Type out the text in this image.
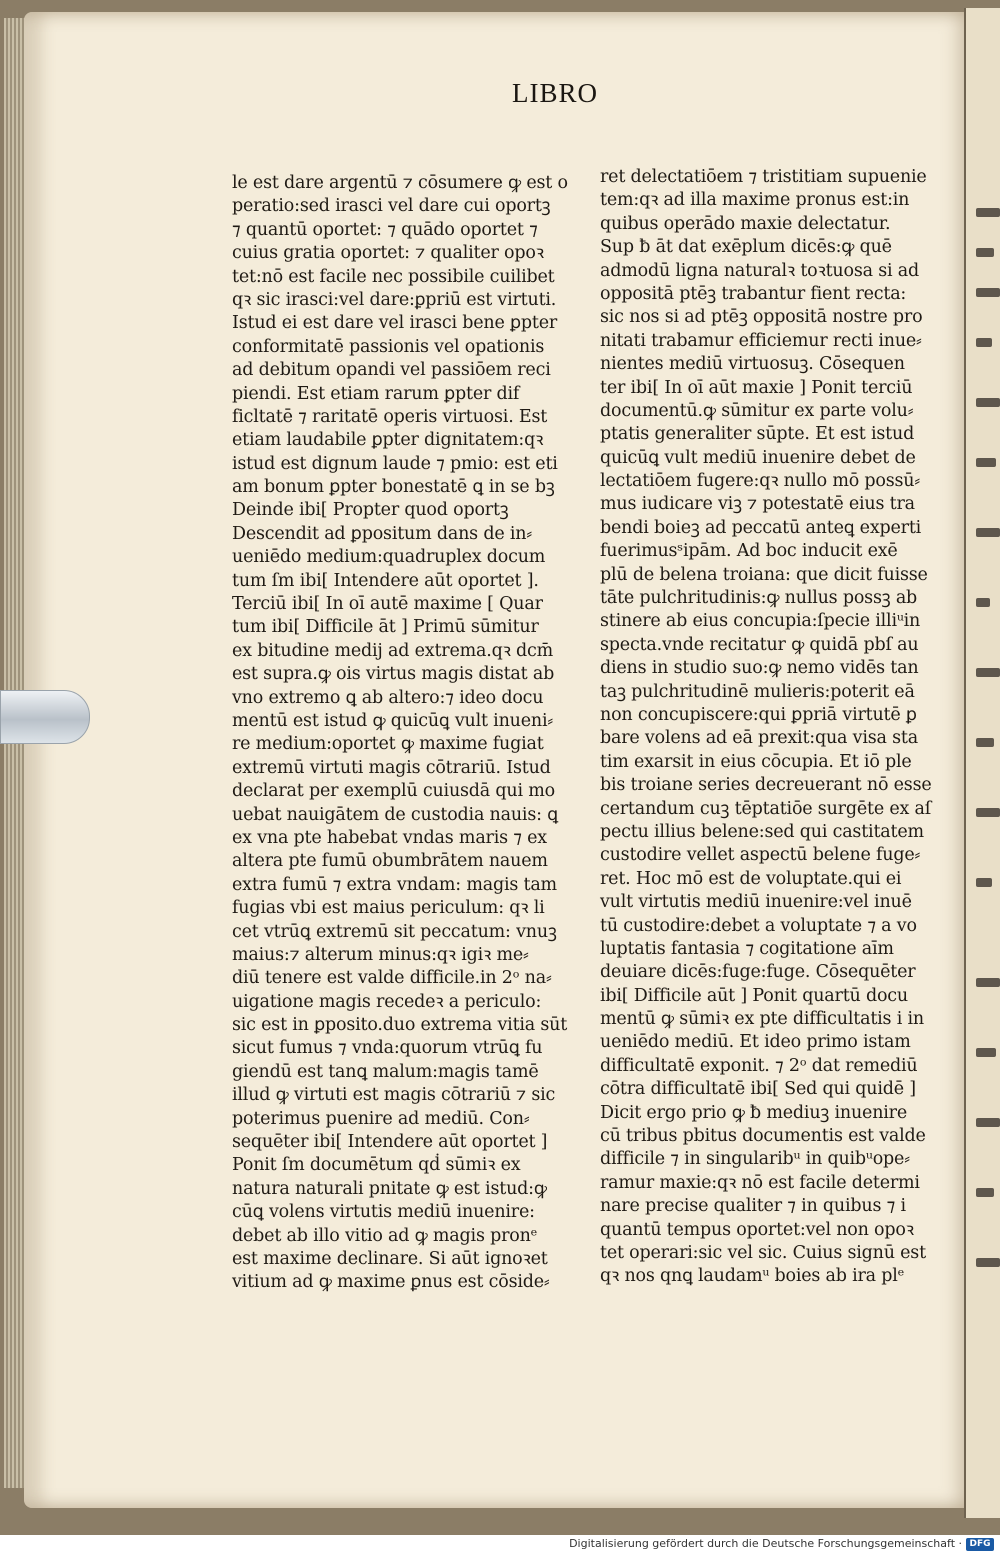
LIBRO
le est dare argentū ⁊ cōsumere ꝙ est o
peratio:sed irasci vel dare cui oportꝫ
⁊ quantū oportet: ⁊ quādo oportet ⁊
cuius gratia oportet: ⁊ qualiter opoꝛ
tet:nō est facile nec possibile cuilibet
qꝛ sic irasci:vel dare:ꝑpriū est virtuti.
Istud ei est dare vel irasci bene ꝑpter
conformitatē passionis vel opationis
ad debitum opandi vel passiōem reci
piendi. Est etiam rarum ꝑpter dif
ficltatē ⁊ raritatē operis virtuosi. Est
etiam laudabile ꝑpter dignitatem:qꝛ
istud est dignum laude ⁊ pmio: est eti
am bonum ꝑpter bonestatē ꝗ in se bꝫ
Deinde ibi[ Propter quod oportꝫ
Descendit ad ꝑpositum dans de in⸗
ueniēdo medium:quadruplex docum
tum ſm ibi[ Intendere aūt oportet ].
Terciū ibi[ In oī autē maxime [ Quar
tum ibi[ Difficile āt ] Primū sūmitur
ex bitudine medij ad extrema.qꝛ dcm̄
est supra.ꝙ ois virtus magis distat ab
vno extremo ꝗ ab altero:⁊ ideo docu
mentū est istud ꝙ quicūꝗ vult inueni⸗
re medium:oportet ꝙ maxime fugiat
extremū virtuti magis cōtrariū. Istud
declarat per exemplū cuiusdā qui mo
uebat nauigātem de custodia nauis: ꝗ
ex vna pte habebat vndas maris ⁊ ex
altera pte fumū obumbrātem nauem
extra fumū ⁊ extra vndam: magis tam
fugias vbi est maius periculum: qꝛ li
cet vtrūꝗ extremū sit peccatum: vnuꝫ
maius:⁊ alterum minus:qꝛ igiꝛ me⸗
diū tenere est valde difficile.in 2ᵒ na⸗
uigatione magis recedeꝛ a periculo:
sic est in ꝑposito.duo extrema vitia sūt
sicut fumus ⁊ vnda:quorum vtrūꝗ fu
giendū est tanꝗ malum:magis tamē
illud ꝙ virtuti est magis cōtrariū ⁊ sic
poterimus puenire ad mediū. Con⸗
sequēter ibi[ Intendere aūt oportet ]
Ponit ſm documētum qḋ sūmiꝛ ex
natura naturali pnitate ꝙ est istud:ꝙ
cūꝗ volens virtutis mediū inuenire:
debet ab illo vitio ad ꝙ magis pronᵉ
est maxime declinare. Si aūt ignoꝛet
vitium ad ꝙ maxime ꝑnus est cōside⸗
ret delectatiōem ⁊ tristitiam supuenie
tem:qꝛ ad illa maxime pronus est:in
quibus operādo maxie delectatur.
Sup ƀ āt dat exēplum dicēs:ꝙ quē
admodū ligna naturalꝛ toꝛtuosa si ad
oppositā ptēꝫ trabantur fient recta:
sic nos si ad ptēꝫ oppositā nostre pro
nitati trabamur efficiemur recti inue⸗
nientes mediū virtuosuꝫ. Cōsequen
ter ibi[ In oī aūt maxie ] Ponit terciū
documentū.ꝙ sūmitur ex parte volu⸗
ptatis generaliter sūpte. Et est istud
quicūꝗ vult mediū inuenire debet de
lectatiōem fugere:qꝛ nullo mō possū⸗
mus iudicare viꝫ ⁊ potestatē eius tra
bendi boieꝫ ad peccatū anteꝗ experti
fuerimusˢipām. Ad boc inducit exē
plū de belena troiana: que dicit fuisse
tāte pulchritudinis:ꝙ nullus possꝫ ab
stinere ab eius concupia:ſpecie illiᵘin
specta.vnde recitatur ꝙ quidā pbſ au
diens in studio suo:ꝙ nemo vidēs tan
taꝫ pulchritudinē mulieris:poterit eā
non concupiscere:qui ꝑpriā virtutē ꝑ
bare volens ad eā prexit:qua visa sta
tim exarsit in eius cōcupia. Et iō ple
bis troiane series decreuerant nō esse
certandum cuꝫ tēptatiōe surgēte ex aſ
pectu illius belene:sed qui castitatem
custodire vellet aspectū belene fuge⸗
ret. Hoc mō est de voluptate.qui ei
vult virtutis mediū inuenire:vel inuē
tū custodire:debet a voluptate ⁊ a vo
luptatis fantasia ⁊ cogitatione aīm
deuiare dicēs:fuge:fuge. Cōsequēter
ibi[ Difficile aūt ] Ponit quartū docu
mentū ꝙ sūmiꝛ ex pte difficultatis i in
ueniēdo mediū. Et ideo primo istam
difficultatē exponit. ⁊ 2ᵒ dat remediū
cōtra difficultatē ibi[ Sed qui quidē ]
Dicit ergo prio ꝙ ƀ mediuꝫ inuenire
cū tribus pbitus documentis est valde
difficile ⁊ in singularibᵘ in quibᵘope⸗
ramur maxie:qꝛ nō est facile determi
nare precise qualiter ⁊ in quibus ⁊ i
quantū tempus oportet:vel non opoꝛ
tet operari:sic vel sic. Cuius signū est
qꝛ nos qnꝗ laudamᵘ boies ab ira plᵉ
Digitalisierung gefördert durch die Deutsche Forschungsgemeinschaft · DFG
